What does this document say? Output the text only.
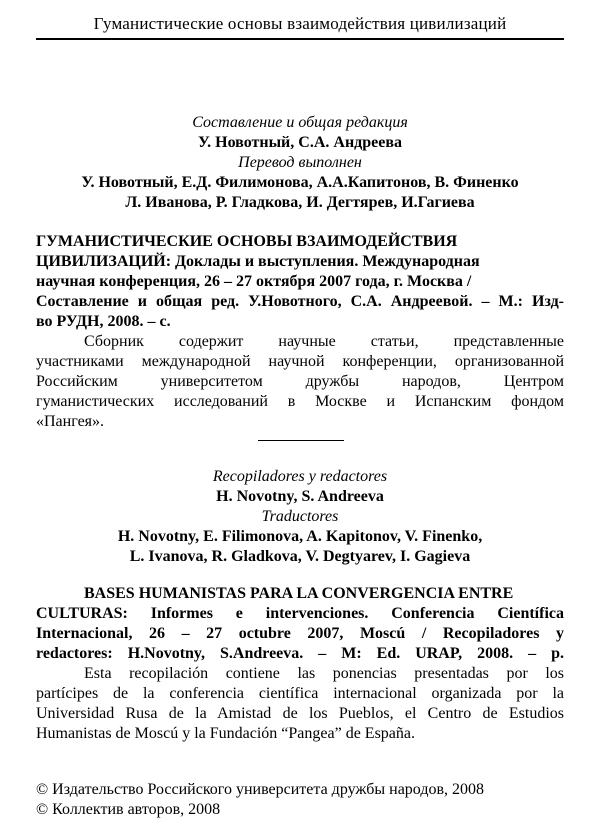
Гуманистические основы взаимодействия цивилизаций
Составление и общая редакция
У. Новотный, С.А. Андреева
Перевод выполнен
У. Новотный, Е.Д. Филимонова, А.А.Капитонов, В. Финенко
Л. Иванова, Р. Гладкова, И. Дегтярев, И.Гагиева
ГУМАНИСТИЧЕСКИЕ ОСНОВЫ ВЗАИМОДЕЙСТВИЯ
ЦИВИЛИЗАЦИЙ: Доклады и выступления. Международная
научная конференция, 26 – 27 октября 2007 года, г. Москва /
Составление и общая ред. У.Новотного, С.А. Андреевой. – М.: Изд-
во РУДН, 2008. – с.
Сборник содержит научные статьи, представленные
участниками международной научной конференции, организованной
Российским университетом дружбы народов, Центром
гуманистических исследований в Москве и Испанским фондом
«Пангея».
Recopiladores y redactores
H. Novotny, S. Andreeva
Traductores
H. Novotny, E. Filimonova, A. Kapitonov, V. Finenko,
L. Ivanova, R. Gladkova, V. Degtyarev, I. Gagieva
BASES HUMANISTAS PARA LA CONVERGENCIA ENTRE
CULTURAS: Informes e intervenciones. Conferencia Científica
Internacional, 26 – 27 octubre 2007, Moscú / Recopiladores y
redactores: H.Novotny, S.Andreeva. – M: Ed. URAP, 2008. – p.
Esta recopilación contiene las ponencias presentadas por los
partícipes de la conferencia científica internacional organizada por la
Universidad Rusa de la Amistad de los Pueblos, el Centro de Estudios
Humanistas de Moscú y la Fundación “Pangea” de España.
© Издательство Российского университета дружбы народов, 2008
© Коллектив авторов, 2008
